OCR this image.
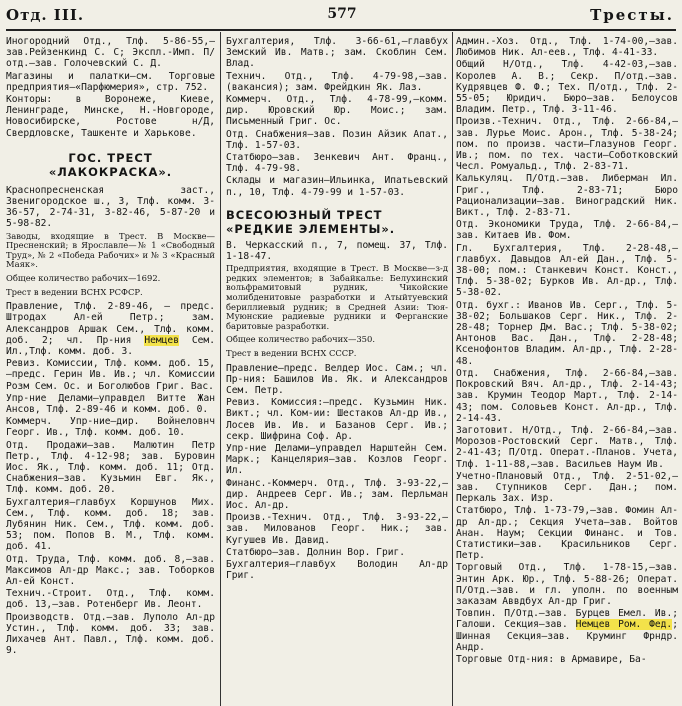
Отд. III.	577	Тресты.

Иногородний Отд., Тлф. 5-86-55,—зав.Рейзенкинд С. С; Экспл.-Имп. П/отд.—зав. Голочевский С. Д.

Магазины и палатки—см. Торговые предприятия—«Парфюмерия», стр. 752.

Конторы: в Воронеже, Киеве, Ленинграде, Минске, Н.-Новгороде, Новосибирске, Ростове н/Д, Свердловске, Ташкенте и Харькове.

ГОС. ТРЕСТ «ЛАКОКРАСКА».

Краснопресненская заст., Звенигородское ш., 3, Тлф. комм. 3-36-57, 2-74-31, 3-82-46, 5-87-20 и 5-98-82.

Заводы, входящие в Трест. В Москве—Пресненский; в Ярославле—№ 1 «Свободный Труд», № 2 «Победа Рабочих» и № 3 «Красный Маяк».

Общее количество рабочих—1692.

Трест в ведении ВСНХ РСФСР.

Правление, Тлф. 2-89-46, — предс. Штродах Ал-ей Петр.; зам. Александров Аршак Сем., Тлф. комм. доб. 2; чл. Пр-ния Немцев Сем. Ил.,Тлф. комм. доб. 3.

Ревиз. Комиссии, Тлф. комм. доб. 15,—предс. Герин Ив. Ив.; чл. Комиссии Розм Сем. Ос. и Боголюбов Григ. Вас.

Упр-ние Делами—управдел Витте Жан Ансов, Тлф. 2-89-46 и комм. доб. 0.

Коммерч. Упр-ние—дир. Войнеловнч Георг. Ив., Тлф. комм. доб. 10.

Отд. Продажи—зав. Малютин Петр Петр., Тлф. 4-12-98; зав. Буровин Иос. Як., Тлф. комм. доб. 11; Отд. Снабжения—зав. Кузьмин Евг. Як., Тлф. комм. доб. 20.

Бухгалтерия—главбух Коршунов Мих. Сем., Тлф. комм. доб. 18; зав. Лубянин Ник. Сем., Тлф. комм. доб. 53; пом. Попов В. М., Тлф. комм. доб. 41.

Отд. Труда, Тлф. комм. доб. 8,—зав. Максимов Ал-др Макс.; зав. Тоборков Ал-ей Конст.

Технич.-Строит. Отд., Тлф. комм. доб. 13,—зав. Ротенберг Ив. Леонт.

Производств. Отд.—зав. Луполо Ал-др Устин., Тлф. комм. доб. 33; зав. Лихачев Ант. Павл., Тлф. комм. доб. 9.

Бухгалтерия, Тлф. 3-66-61,—главбух Земский Ив. Матв.; зам. Скоблин Сем. Влад.

Технич. Отд., Тлф. 4-79-98,—зав. (вакансия); зам. Фрейдкин Як. Лаз.

Коммерч. Отд., Тлф. 4-78-99,—комм. дир. Юровский Юр. Моис.; зам. Письменный Григ. Ос.

Отд. Снабжения—зав. Позин Айзик Апат., Тлф. 1-57-03.

Статбюро—зав. Зенкевич Ант. Франц., Тлф. 4-79-98.

Склады и магазин—Ильинка, Ипатьевский п., 10, Тлф. 4-79-99 и 1-57-03.

ВСЕСОЮЗНЫЙ ТРЕСТ «РЕДКИЕ ЭЛЕМЕНТЫ».

В. Черкасский п., 7, помещ. 37, Тлф. 1-18-47.

Предприятия, входящие в Трест. В Москве—з-д редких элементов; в Забайкалье: Белухинский вольфрамитовый рудник, Чикойские молибденитовые разработки и Атыйтуевский бериллиевый рудник; в Средней Азии: Тюя-Муюнские радиевые рудники и Ферганские баритовые разработки.

Общее количество рабочих—350.

Трест в ведении ВСНХ СССР.

Правление—предс. Велдер Иос. Сам.; чл. Пр-ния: Башилов Ив. Як. и Александров Сем. Петр.

Ревиз. Комиссия:—предс. Кузьмин Ник. Викт.; чл. Ком-ии: Шестаков Ал-др Ив., Лосев Ив. Ив. и Базанов Серг. Ив.; секр. Шифрина Соф. Ар.

Упр-ние Делами—управдел Нарштейн Сем. Марк.; Канцелярия—зав. Козлов Георг. Ил.

Финанс.-Коммерч. Отд., Тлф. 3-93-22,—дир. Андреев Серг. Ив.; зам. Перльман Иос. Ал-др.

Произв.-Технич. Отд., Тлф. 3-93-22,—зав. Милованов Георг. Ник.; зав. Кугушев Ив. Давид.

Статбюро—зав. Долнин Вор. Григ.

Бухгалтерия—главбух Володин Ал-др Григ.

Админ.-Хоз. Отд., Тлф. 1-74-00,—зав. Любимов Ник. Ал-еев., Тлф. 4-41-33.

Общий Н/Отд., Тлф. 4-42-03,—зав. Королев А. В.; Секр. П/отд.—зав. Кудрявцев Ф. Ф.; Тех. П/отд., Тлф. 2-55-05; Юридич. Бюро—зав. Белоусов Владим. Петр., Тлф. 3-11-46.

Произв.-Технич. Отд., Тлф. 2-66-84,—зав. Лурье Моис. Арон., Тлф. 5-38-24; пом. по произв. части—Глазунов Георг. Ив.; пом. по тех. части—Соботковский Чесл. Ромуальд., Тлф. 2-83-71.

Калькуляц. П/Отд.—зав. Либерман Ил. Григ., Тлф. 2-83-71; Бюро Рационализации—зав. Виноградский Ник. Викт., Тлф. 2-83-71.

Отд. Экономики Труда, Тлф. 2-66-84,—зав. Китаев Ив. Фом.

Гл. Бухгалтерия, Тлф. 2-28-48,—главбух. Давыдов Ал-ей Дан., Тлф. 5-38-00; пом.: Станкевич Конст. Конст., Тлф. 5-38-02; Бурков Ив. Ал-др., Тлф. 5-38-02.

Отд. бухг.: Иванов Ив. Серг., Тлф. 5-38-02; Большаков Серг. Ник., Тлф. 2-28-48; Торнер Дм. Вас.; Тлф. 5-38-02; Антонов Вас. Дан., Тлф. 2-28-48; Ксенофонтов Владим. Ал-др., Тлф. 2-28-48.

Отд. Снабжения, Тлф. 2-66-84,—зав. Покровский Вяч. Ал-др., Тлф. 2-14-43; зав. Крумин Теодор Март., Тлф. 2-14-43; пом. Соловьев Конст. Ал-др., Тлф. 2-14-43.

Заготовит. Н/Отд., Тлф. 2-66-84,—зав. Морозов-Ростовский Серг. Матв., Тлф. 2-41-43; П/Отд. Операт.-Планов. Учета, Тлф. 1-11-88,—зав. Васильев Наум Ив.

Учетно-Плановый Отд., Тлф. 2-51-02,—зав. Ступников Серг. Дан.; пом. Перкаль Зах. Изр.

Статбюро, Тлф. 1-73-79,—зав. Фомин Ал-др Ал-др.; Секция Учета—зав. Войтов Анан. Наум; Секции Финанс. и Тов. Статистики—зав. Красильников Серг. Петр.

Торговый Отд., Тлф. 1-78-15,—зав. Энтин Арк. Юр., Тлф. 5-88-26; Операт. П/Отд.—зав. и гл. уполн. по военным заказам Аввдбух Ал-др Григ.

Товпин. П/Отд.—зав. Бурцев Емел. Ив.; Галоши. Секция—зав. Немцев Ром. Фед.; Шинная Секция—зав. Круминг Фрндр. Андр.

Торговые Отд-ния: в Армавире, Ба-
